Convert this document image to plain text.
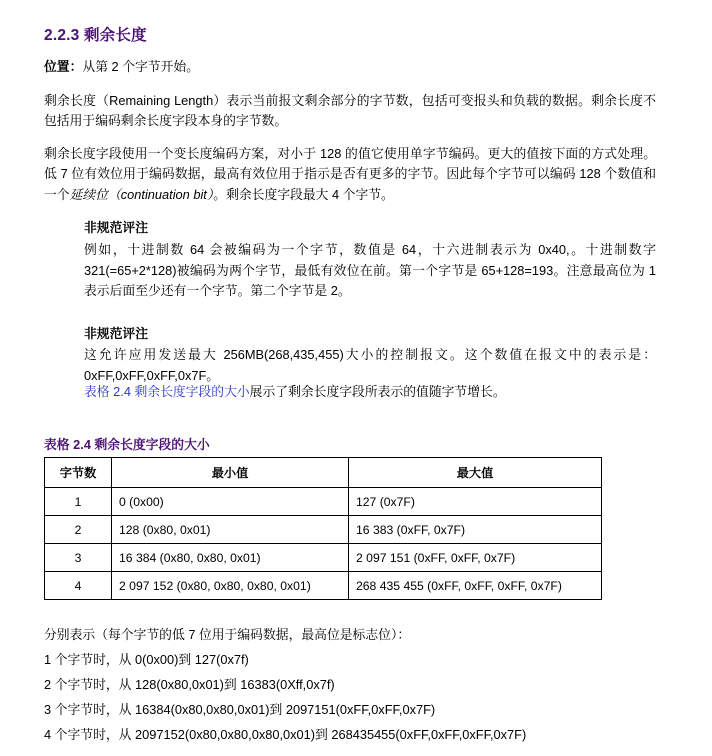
2.2.3 剩余长度

位置：从第 2 个字节开始。

剩余长度（Remaining Length）表示当前报文剩余部分的字节数，包括可变报头和负载的数据。剩余长度不包括用于编码剩余长度字段本身的字节数。

剩余长度字段使用一个变长度编码方案，对小于 128 的值它使用单字节编码。更大的值按下面的方式处理。低 7 位有效位用于编码数据，最高有效位用于指示是否有更多的字节。因此每个字节可以编码 128 个数值和一个延续位（continuation bit）。剩余长度字段最大 4 个字节。

非规范评注
例如，十进制数 64 会被编码为一个字节，数值是 64，十六进制表示为 0x40,。十进制数字 321(=65+2*128)被编码为两个字节，最低有效位在前。第一个字节是 65+128=193。注意最高位为 1 表示后面至少还有一个字节。第二个字节是 2。
非规范评注
这允许应用发送最大 256MB(268,435,455)大小的控制报文。这个数值在报文中的表示是：0xFF,0xFF,0xFF,0x7F。
表格 2.4 剩余长度字段的大小展示了剩余长度字段所表示的值随字节增长。
表格 2.4 剩余长度字段的大小
字节数	最小值	最大值
1	0 (0x00)	127 (0x7F)
2	128 (0x80, 0x01)	16 383 (0xFF, 0x7F)
3	16 384 (0x80, 0x80, 0x01)	2 097 151 (0xFF, 0xFF, 0x7F)
4	2 097 152 (0x80, 0x80, 0x80, 0x01)	268 435 455 (0xFF, 0xFF, 0xFF, 0x7F)
分别表示（每个字节的低 7 位用于编码数据，最高位是标志位）：
1 个字节时，从 0(0x00)到 127(0x7f)
2 个字节时，从 128(0x80,0x01)到 16383(0Xff,0x7f)
3 个字节时，从 16384(0x80,0x80,0x01)到 2097151(0xFF,0xFF,0x7F)
4 个字节时，从 2097152(0x80,0x80,0x80,0x01)到 268435455(0xFF,0xFF,0xFF,0x7F)
